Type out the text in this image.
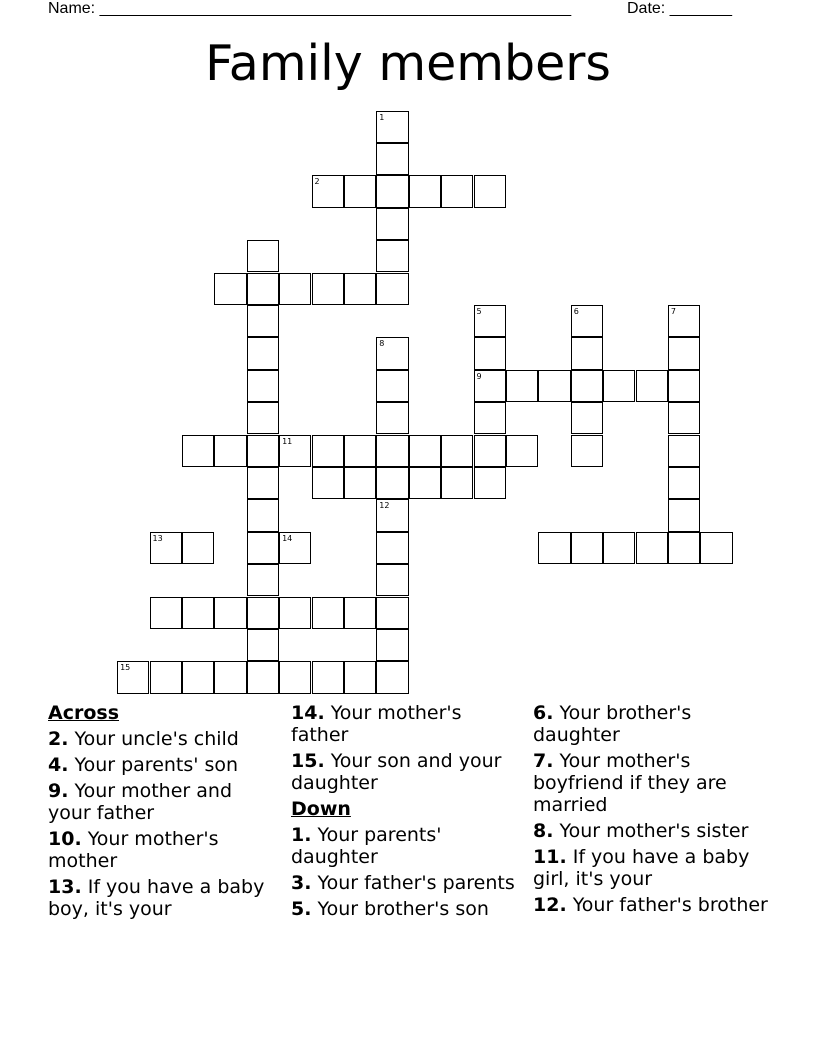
Name: _____________________________________________________	Date: _______
Family members
1
2
5
9
6	7
8
11
12
13	14
15
Across
2. Your uncle's child
4. Your parents' son
9. Your mother and your father
10. Your mother's mother
13. If you have a baby boy, it's your
14. Your mother's father
15. Your son and your daughter
Down
1. Your parents' daughter
3. Your father's parents
5. Your brother's son
6. Your brother's daughter
7. Your mother's boyfriend if they are married
8. Your mother's sister
11. If you have a baby girl, it's your
12. Your father's brother
